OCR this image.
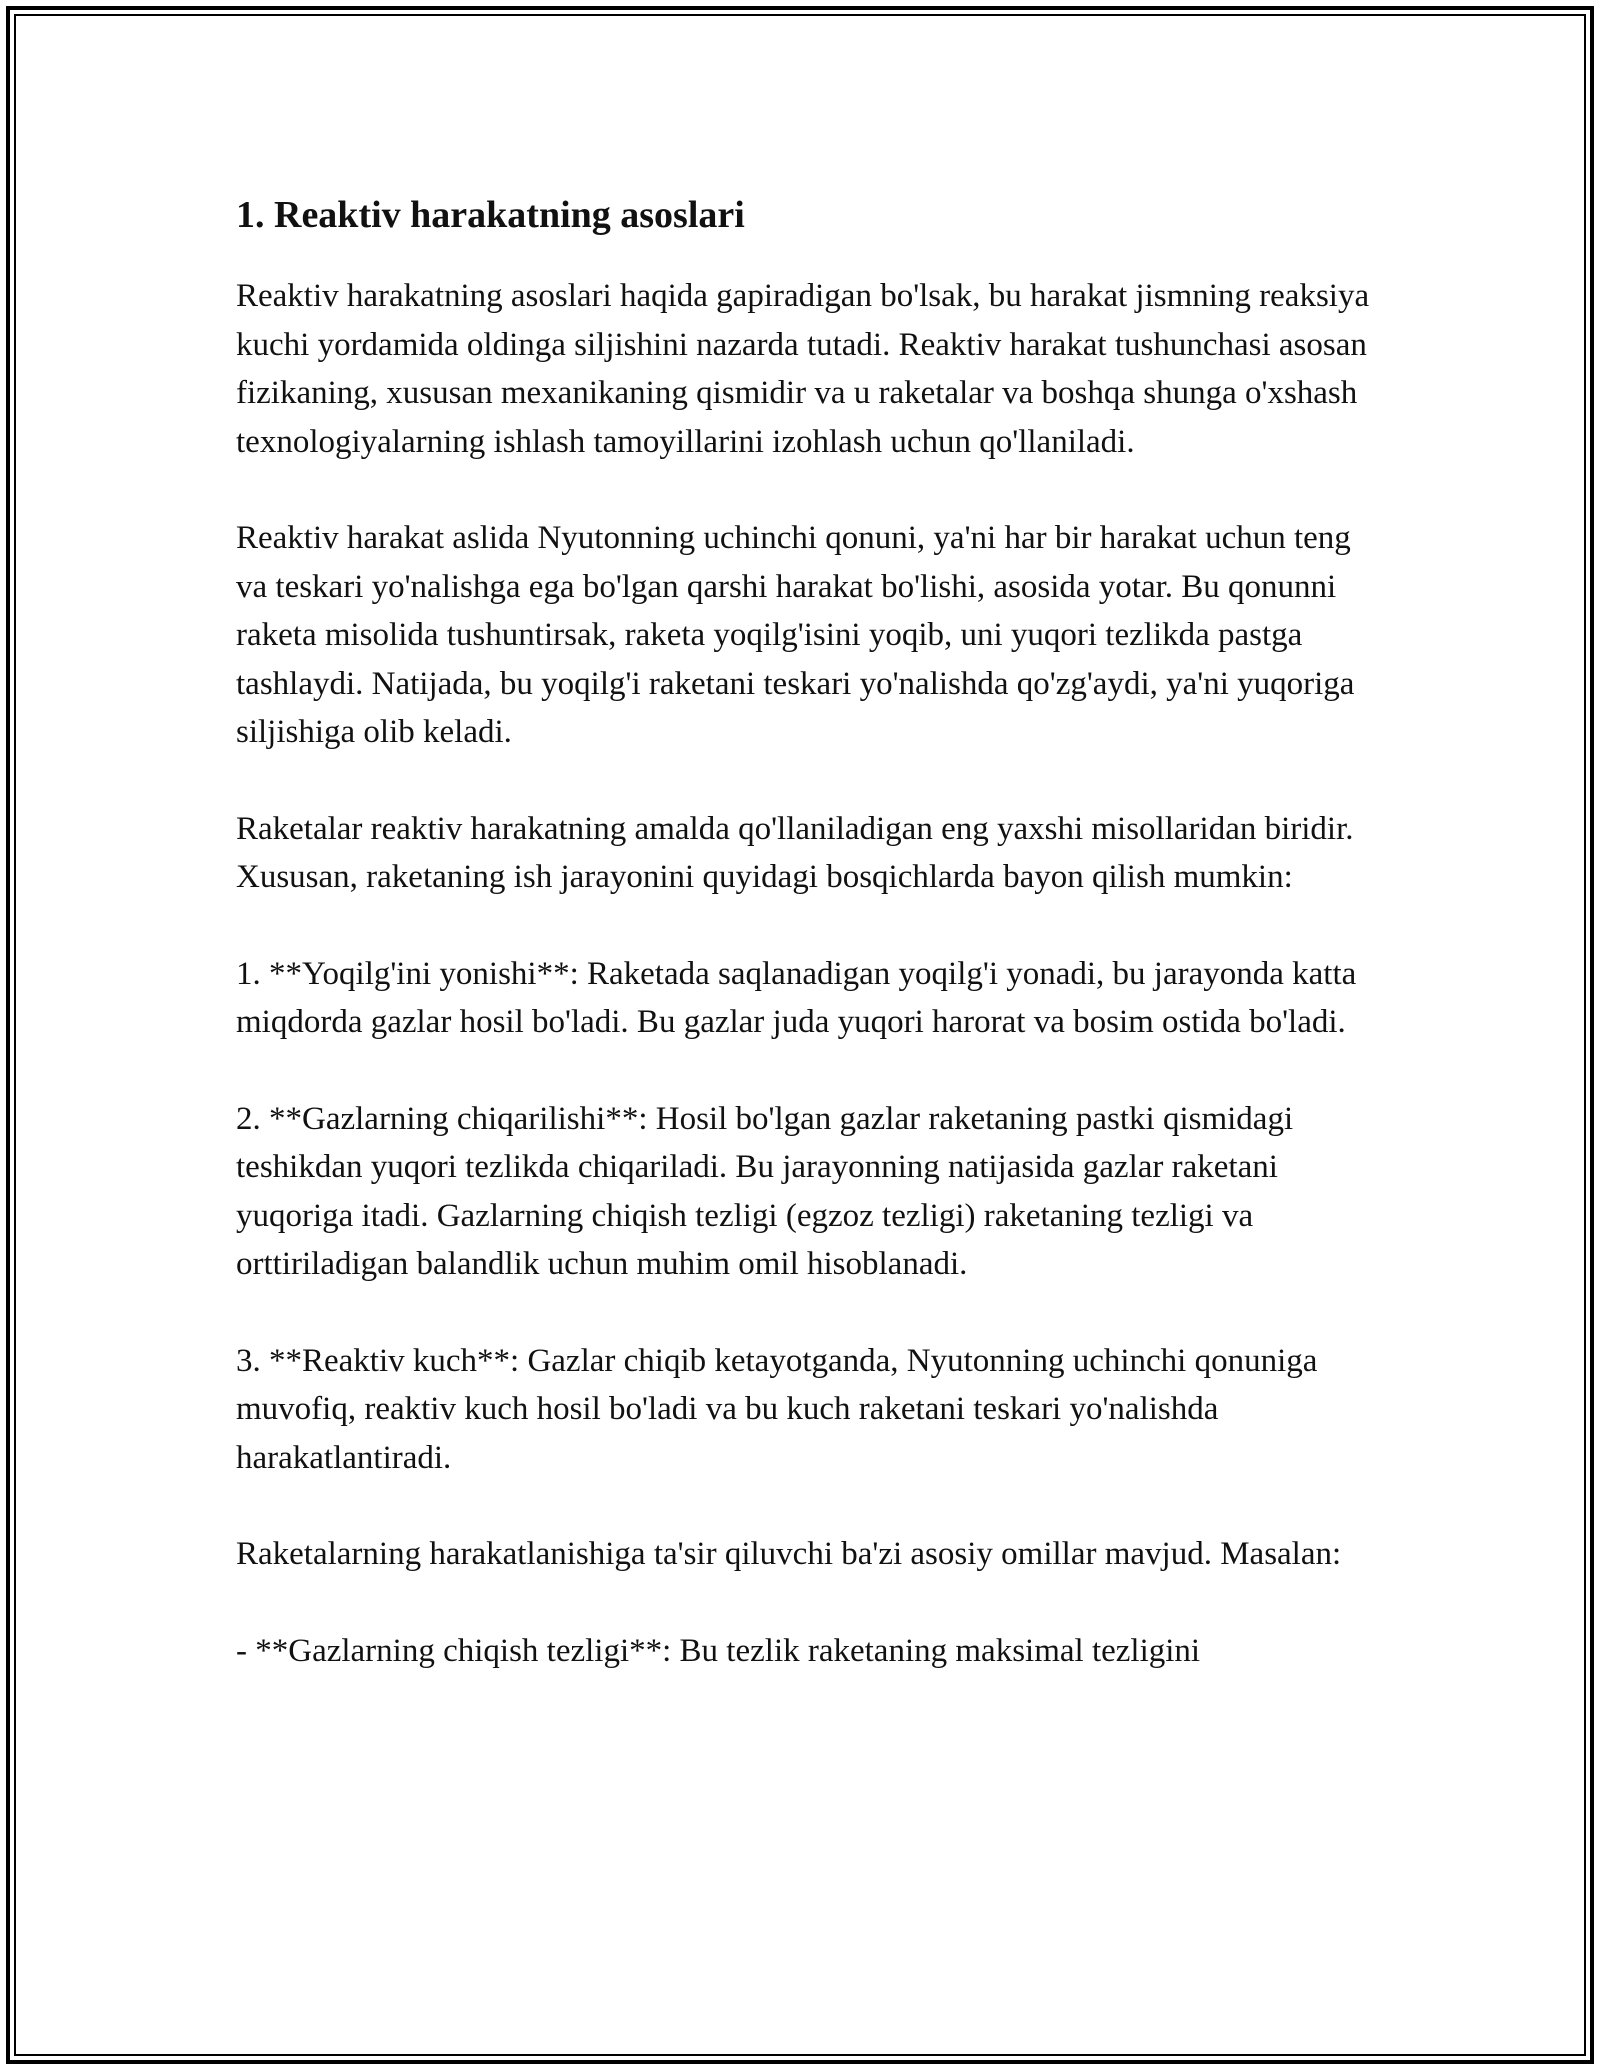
1. Reaktiv harakatning asoslari

Reaktiv harakatning asoslari haqida gapiradigan bo'lsak, bu harakat jismning reaksiya kuchi yordamida oldinga siljishini nazarda tutadi. Reaktiv harakat tushunchasi asosan fizikaning, xususan mexanikaning qismidir va u raketalar va boshqa shunga o'xshash texnologiyalarning ishlash tamoyillarini izohlash uchun qo'llaniladi.

Reaktiv harakat aslida Nyutonning uchinchi qonuni, ya'ni har bir harakat uchun teng va teskari yo'nalishga ega bo'lgan qarshi harakat bo'lishi, asosida yotar. Bu qonunni raketa misolida tushuntirsak, raketa yoqilg'isini yoqib, uni yuqori tezlikda pastga tashlaydi. Natijada, bu yoqilg'i raketani teskari yo'nalishda qo'zg'aydi, ya'ni yuqoriga siljishiga olib keladi.

Raketalar reaktiv harakatning amalda qo'llaniladigan eng yaxshi misollaridan biridir. Xususan, raketaning ish jarayonini quyidagi bosqichlarda bayon qilish mumkin:

1. **Yoqilg'ini yonishi**: Raketada saqlanadigan yoqilg'i yonadi, bu jarayonda katta miqdorda gazlar hosil bo'ladi. Bu gazlar juda yuqori harorat va bosim ostida bo'ladi.

2. **Gazlarning chiqarilishi**: Hosil bo'lgan gazlar raketaning pastki qismidagi teshikdan yuqori tezlikda chiqariladi. Bu jarayonning natijasida gazlar raketani yuqoriga itadi. Gazlarning chiqish tezligi (egzoz tezligi) raketaning tezligi va orttiriladigan balandlik uchun muhim omil hisoblanadi.

3. **Reaktiv kuch**: Gazlar chiqib ketayotganda, Nyutonning uchinchi qonuniga muvofiq, reaktiv kuch hosil bo'ladi va bu kuch raketani teskari yo'nalishda harakatlantiradi.

Raketalarning harakatlanishiga ta'sir qiluvchi ba'zi asosiy omillar mavjud. Masalan:

- **Gazlarning chiqish tezligi**: Bu tezlik raketaning maksimal tezligini
